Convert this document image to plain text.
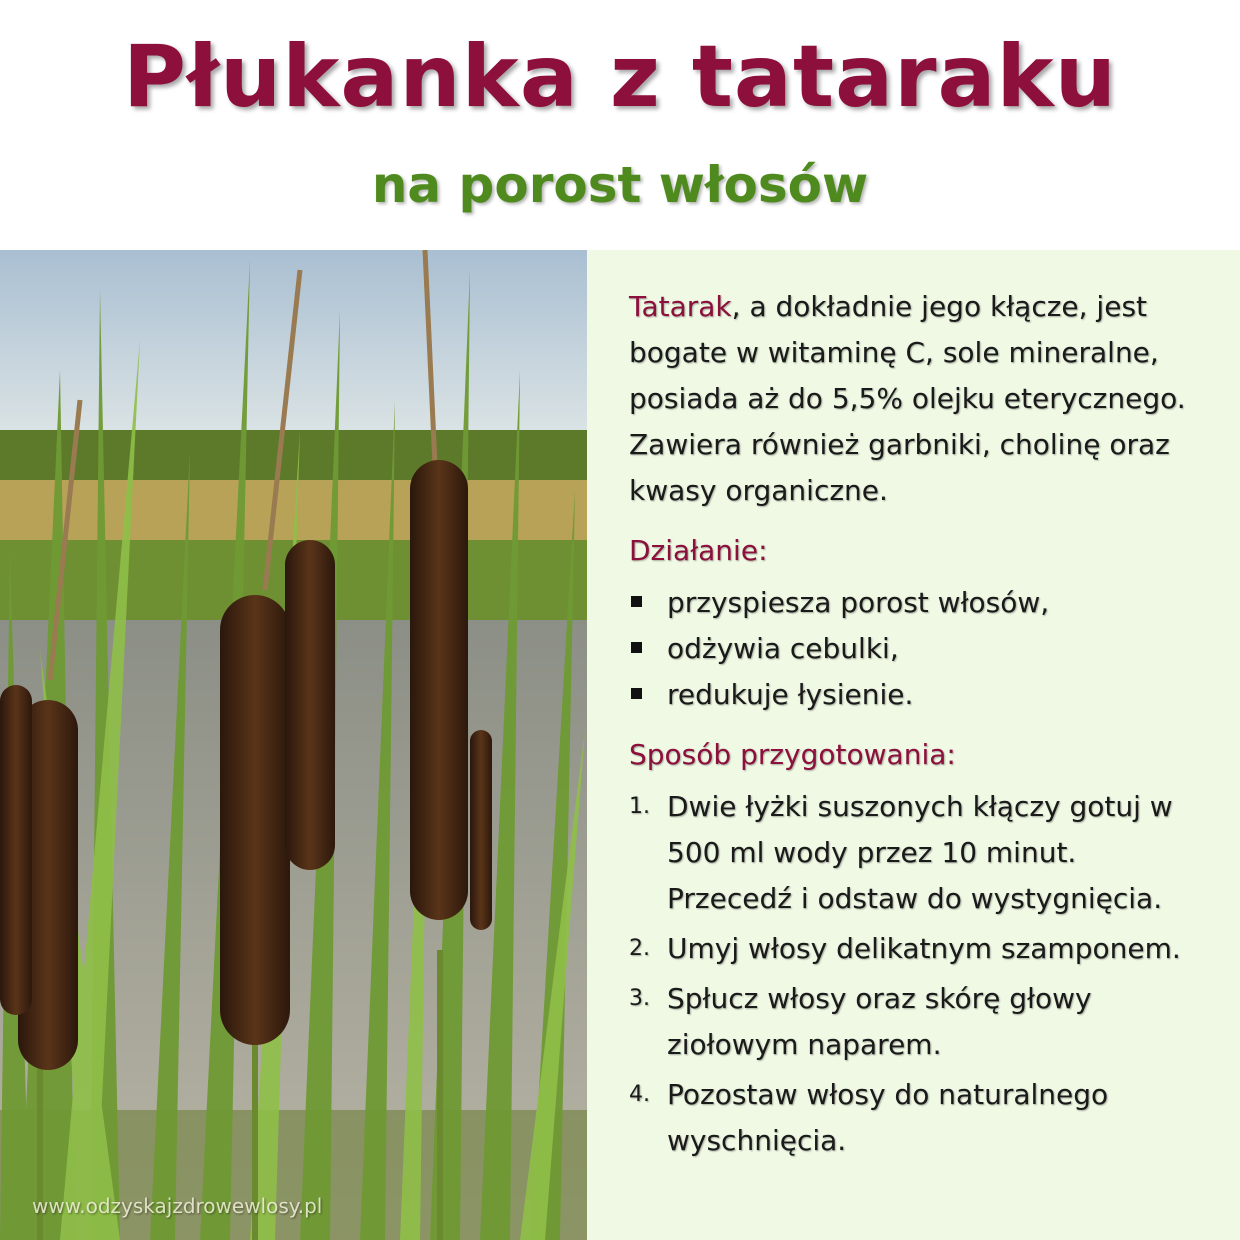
Płukanka z tataraku
na porost włosów
www.odzyskajzdrowewlosy.pl

Tatarak, a dokładnie jego kłącze, jest bogate w witaminę C, sole mineralne, posiada aż do 5,5% olejku eterycznego. Zawiera również garbniki, cholinę oraz kwasy organiczne.

Działanie:
przyspiesza porost włosów,
odżywia cebulki,
redukuje łysienie.
Sposób przygotowania:
1. Dwie łyżki suszonych kłączy gotuj w 500 ml wody przez 10 minut. Przecedź i odstaw do wystygnięcia.
2. Umyj włosy delikatnym szamponem.
3. Spłucz włosy oraz skórę głowy ziołowym naparem.
4. Pozostaw włosy do naturalnego wyschnięcia.
